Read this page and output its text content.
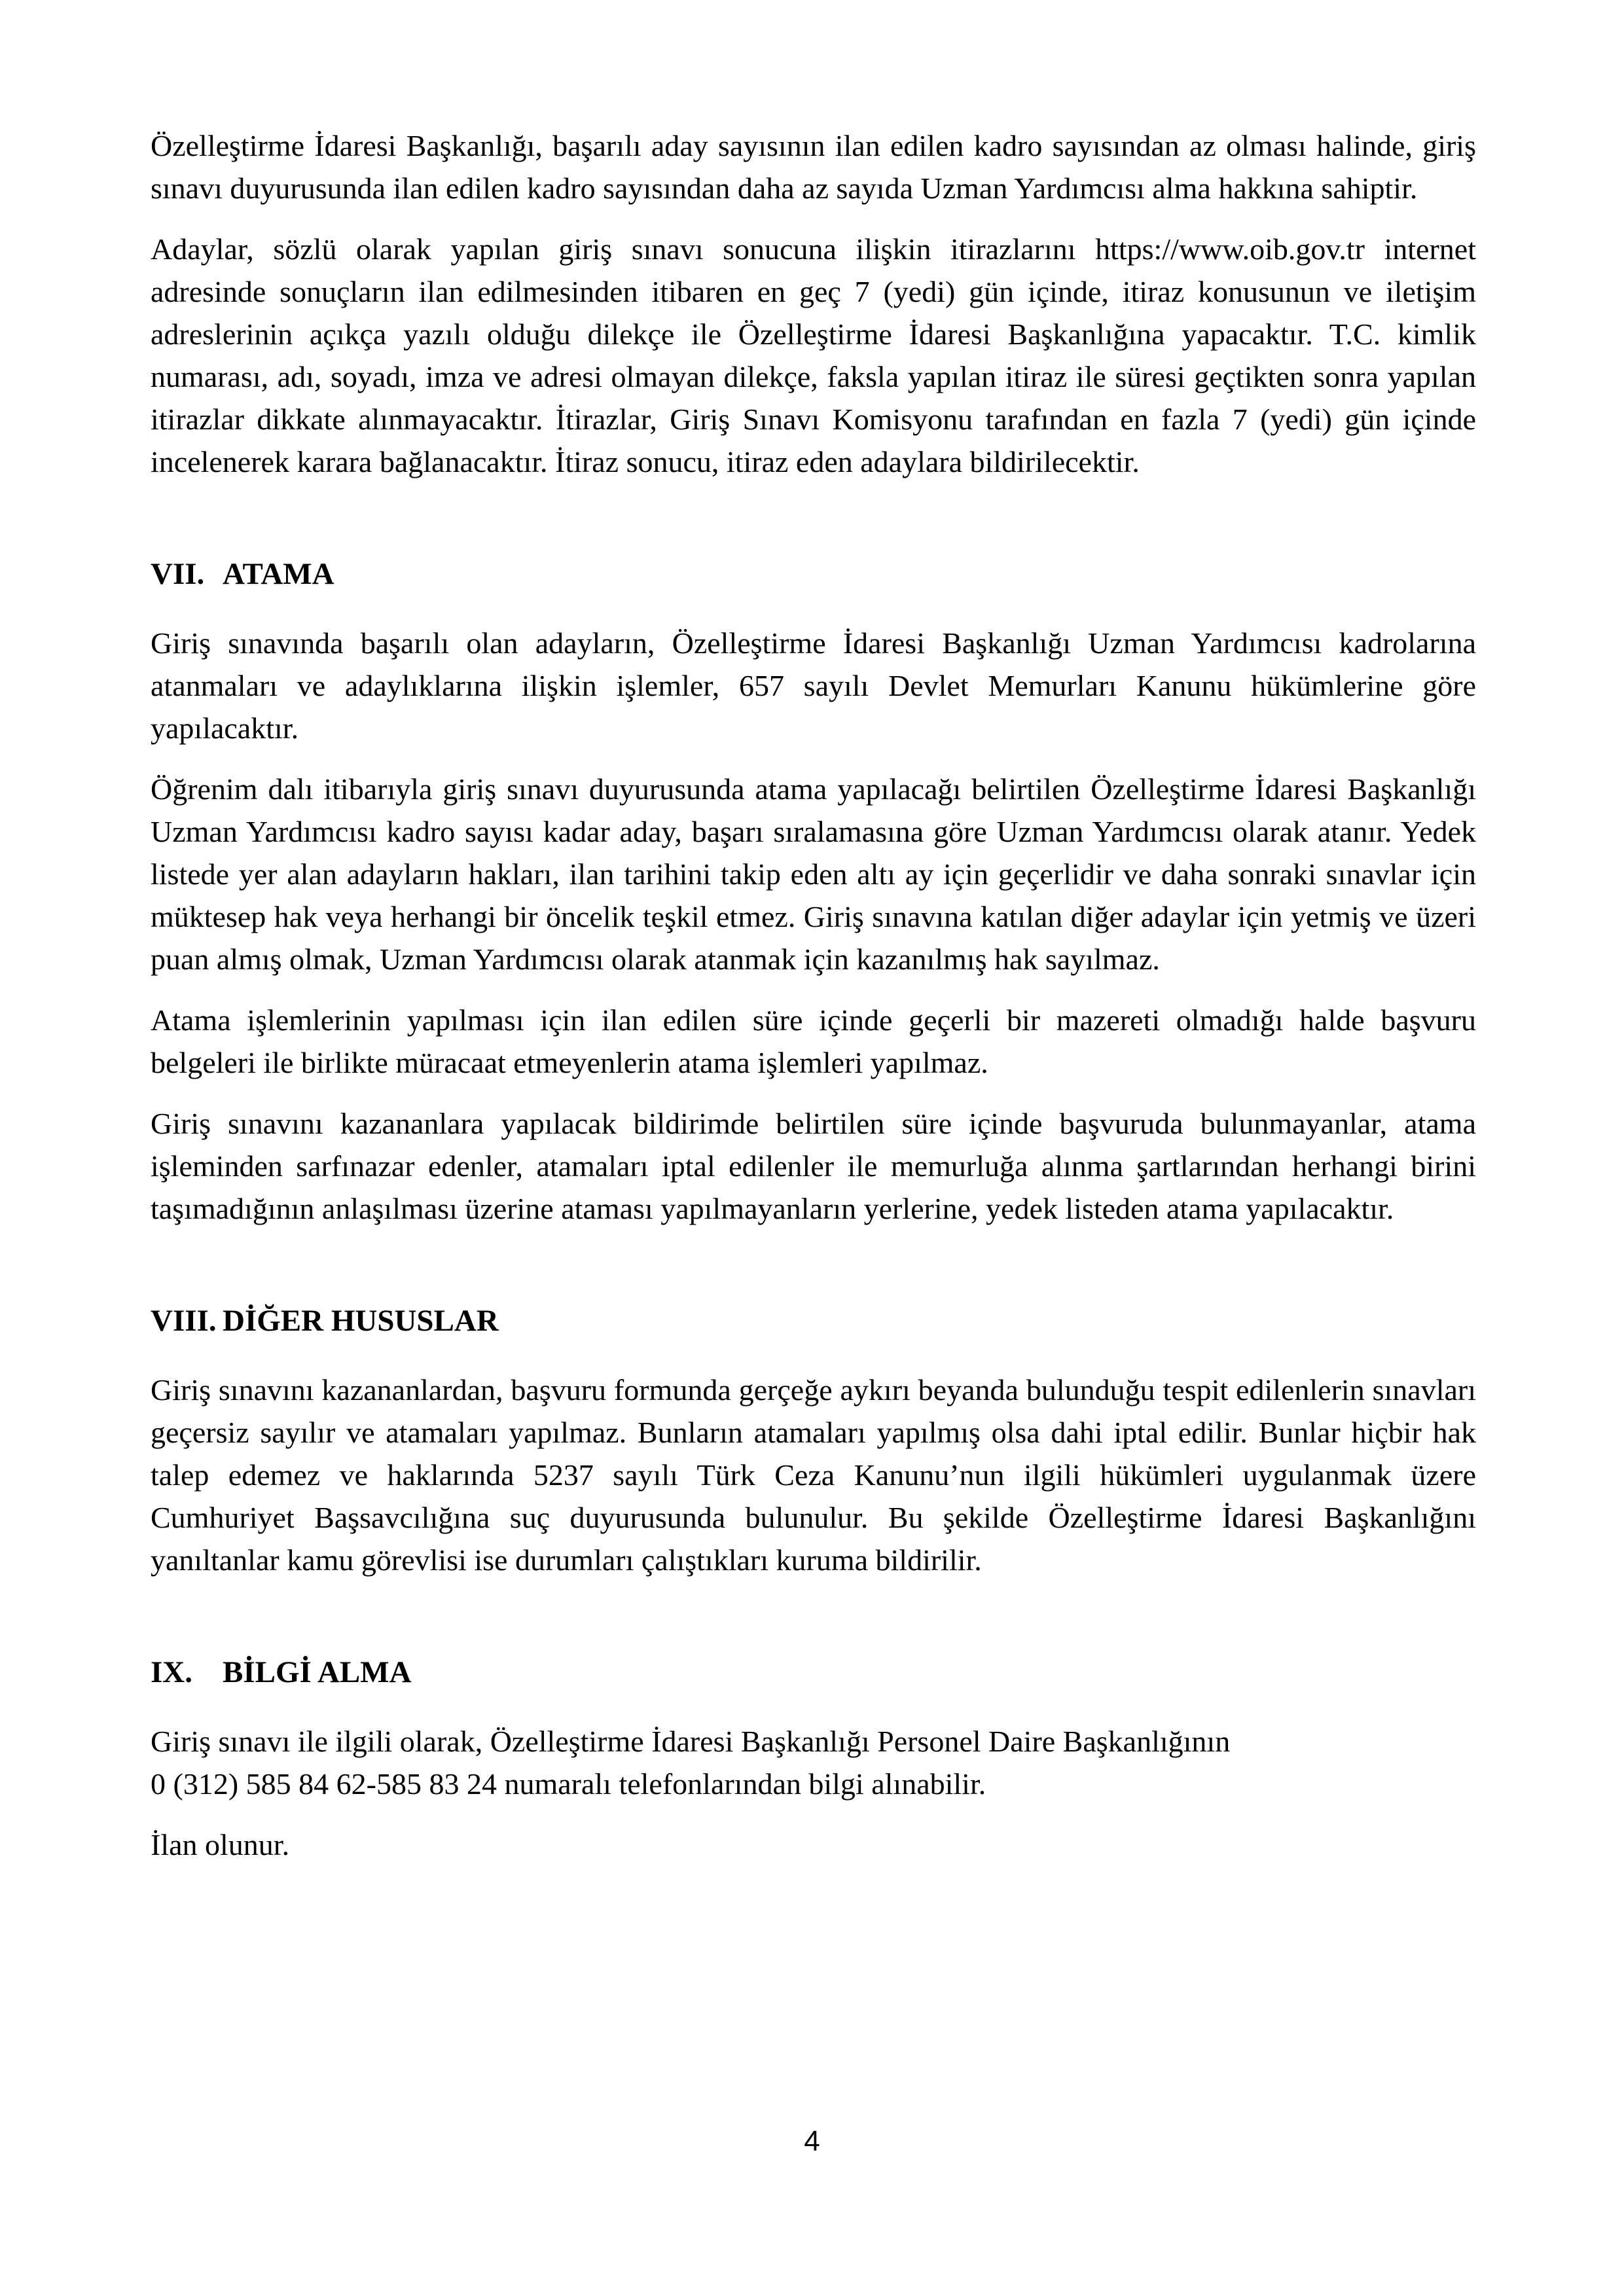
Özelleştirme İdaresi Başkanlığı, başarılı aday sayısının ilan edilen kadro sayısından az olması halinde, giriş sınavı duyurusunda ilan edilen kadro sayısından daha az sayıda Uzman Yardımcısı alma hakkına sahiptir.

Adaylar, sözlü olarak yapılan giriş sınavı sonucuna ilişkin itirazlarını https://www.oib.gov.tr internet adresinde sonuçların ilan edilmesinden itibaren en geç 7 (yedi) gün içinde, itiraz konusunun ve iletişim adreslerinin açıkça yazılı olduğu dilekçe ile Özelleştirme İdaresi Başkanlığına yapacaktır. T.C. kimlik numarası, adı, soyadı, imza ve adresi olmayan dilekçe, faksla yapılan itiraz ile süresi geçtikten sonra yapılan itirazlar dikkate alınmayacaktır. İtirazlar, Giriş Sınavı Komisyonu tarafından en fazla 7 (yedi) gün içinde incelenerek karara bağlanacaktır. İtiraz sonucu, itiraz eden adaylara bildirilecektir.

VII. ATAMA

Giriş sınavında başarılı olan adayların, Özelleştirme İdaresi Başkanlığı Uzman Yardımcısı kadrolarına atanmaları ve adaylıklarına ilişkin işlemler, 657 sayılı Devlet Memurları Kanunu hükümlerine göre yapılacaktır.

Öğrenim dalı itibarıyla giriş sınavı duyurusunda atama yapılacağı belirtilen Özelleştirme İdaresi Başkanlığı Uzman Yardımcısı kadro sayısı kadar aday, başarı sıralamasına göre Uzman Yardımcısı olarak atanır. Yedek listede yer alan adayların hakları, ilan tarihini takip eden altı ay için geçerlidir ve daha sonraki sınavlar için müktesep hak veya herhangi bir öncelik teşkil etmez. Giriş sınavına katılan diğer adaylar için yetmiş ve üzeri puan almış olmak, Uzman Yardımcısı olarak atanmak için kazanılmış hak sayılmaz.

Atama işlemlerinin yapılması için ilan edilen süre içinde geçerli bir mazereti olmadığı halde başvuru belgeleri ile birlikte müracaat etmeyenlerin atama işlemleri yapılmaz.

Giriş sınavını kazananlara yapılacak bildirimde belirtilen süre içinde başvuruda bulunmayanlar, atama işleminden sarfınazar edenler, atamaları iptal edilenler ile memurluğa alınma şartlarından herhangi birini taşımadığının anlaşılması üzerine ataması yapılmayanların yerlerine, yedek listeden atama yapılacaktır.

VIII. DİĞER HUSUSLAR

Giriş sınavını kazananlardan, başvuru formunda gerçeğe aykırı beyanda bulunduğu tespit edilenlerin sınavları geçersiz sayılır ve atamaları yapılmaz. Bunların atamaları yapılmış olsa dahi iptal edilir. Bunlar hiçbir hak talep edemez ve haklarında 5237 sayılı Türk Ceza Kanunu’nun ilgili hükümleri uygulanmak üzere Cumhuriyet Başsavcılığına suç duyurusunda bulunulur. Bu şekilde Özelleştirme İdaresi Başkanlığını yanıltanlar kamu görevlisi ise durumları çalıştıkları kuruma bildirilir.

IX. BİLGİ ALMA

Giriş sınavı ile ilgili olarak, Özelleştirme İdaresi Başkanlığı Personel Daire Başkanlığının
0 (312) 585 84 62-585 83 24 numaralı telefonlarından bilgi alınabilir.

İlan olunur.

4
